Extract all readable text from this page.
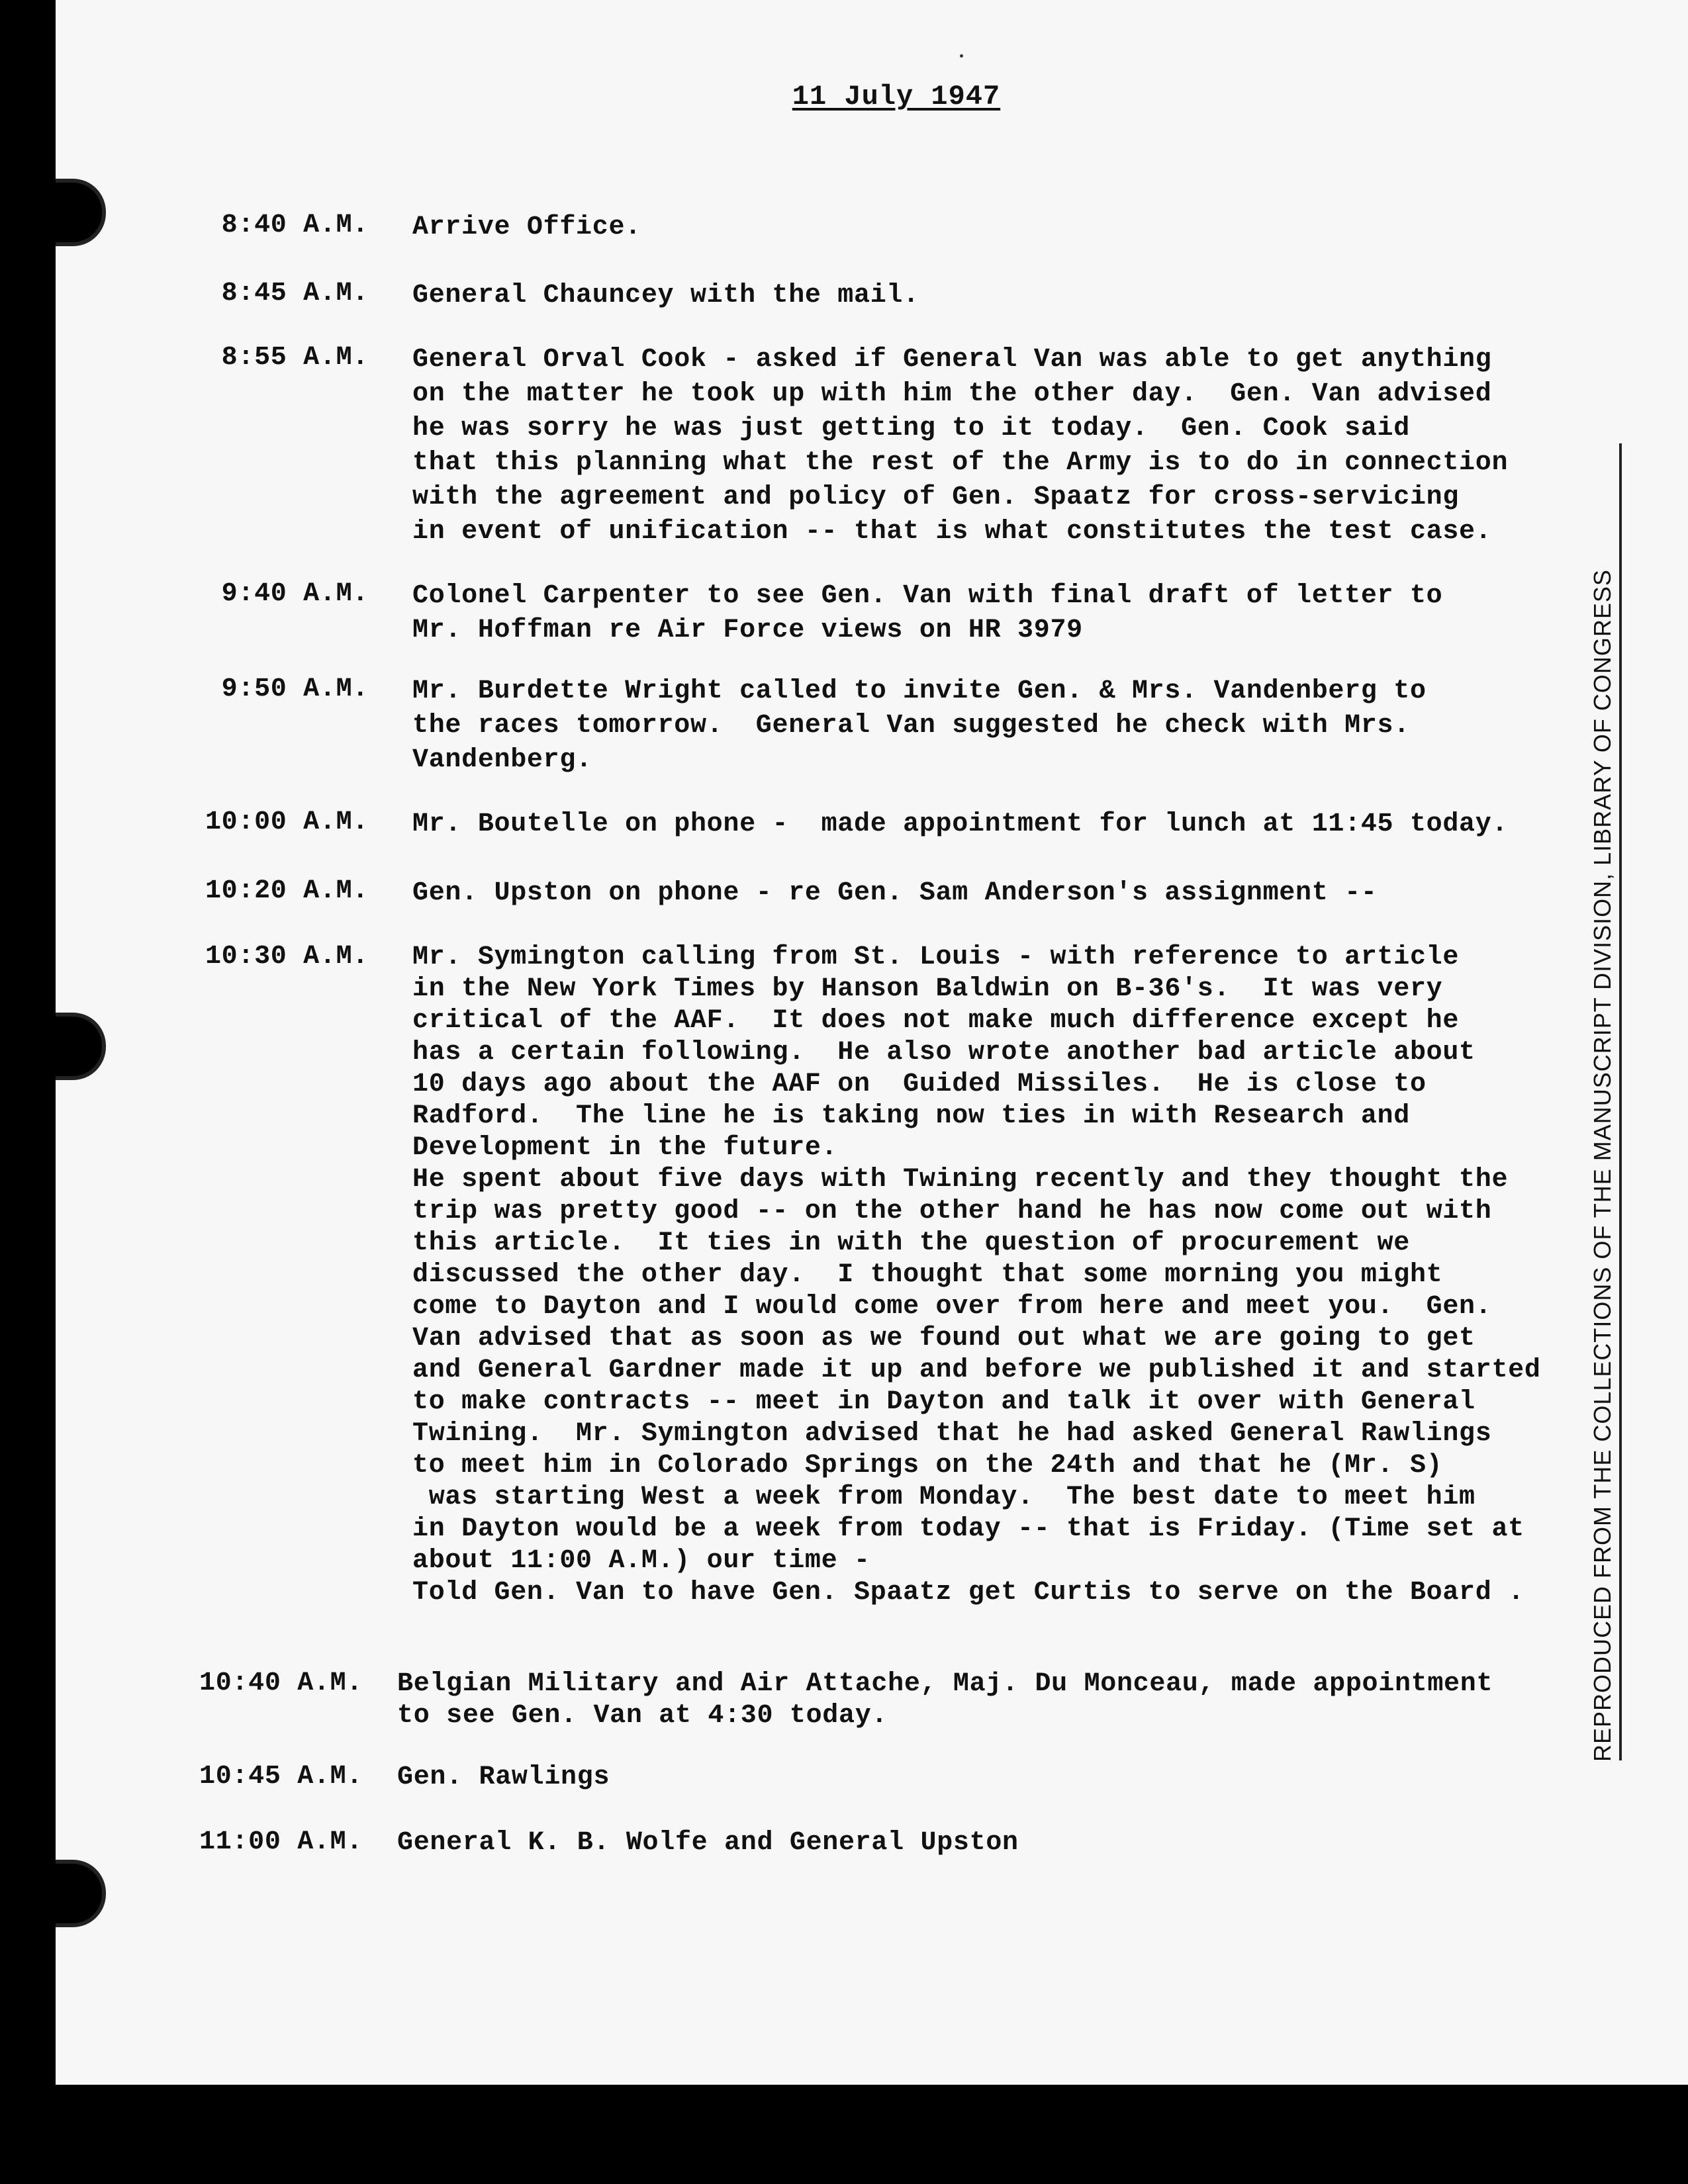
11 July 1947
8:40 A.M. Arrive Office.
8:45 A.M. General Chauncey with the mail.
8:55 A.M. General Orval Cook - asked if General Van was able to get anything
on the matter he took up with him the other day.  Gen. Van advised
he was sorry he was just getting to it today.  Gen. Cook said
that this planning what the rest of the Army is to do in connection
with the agreement and policy of Gen. Spaatz for cross-servicing
in event of unification -- that is what constitutes the test case.
9:40 A.M. Colonel Carpenter to see Gen. Van with final draft of letter to
Mr. Hoffman re Air Force views on HR 3979
9:50 A.M. Mr. Burdette Wright called to invite Gen. & Mrs. Vandenberg to
the races tomorrow.  General Van suggested he check with Mrs.
Vandenberg.
10:00 A.M. Mr. Boutelle on phone -  made appointment for lunch at 11:45 today.
10:20 A.M. Gen. Upston on phone - re Gen. Sam Anderson's assignment --
10:30 A.M. Mr. Symington calling from St. Louis - with reference to article
in the New York Times by Hanson Baldwin on B-36's.  It was very
critical of the AAF.  It does not make much difference except he
has a certain following.  He also wrote another bad article about
10 days ago about the AAF on  Guided Missiles.  He is close to
Radford.  The line he is taking now ties in with Research and
Development in the future.
He spent about five days with Twining recently and they thought the
trip was pretty good -- on the other hand he has now come out with
this article.  It ties in with the question of procurement we
discussed the other day.  I thought that some morning you might
come to Dayton and I would come over from here and meet you.  Gen.
Van advised that as soon as we found out what we are going to get
and General Gardner made it up and before we published it and started
to make contracts -- meet in Dayton and talk it over with General
Twining.  Mr. Symington advised that he had asked General Rawlings
to meet him in Colorado Springs on the 24th and that he (Mr. S)
was starting West a week from Monday.  The best date to meet him
in Dayton would be a week from today -- that is Friday. (Time set at
about 11:00 A.M.) our time -
Told Gen. Van to have Gen. Spaatz get Curtis to serve on the Board .
10:40 A.M. Belgian Military and Air Attache, Maj. Du Monceau, made appointment
to see Gen. Van at 4:30 today.
10:45 A.M. Gen. Rawlings
11:00 A.M. General K. B. Wolfe and General Upston
REPRODUCED FROM THE COLLECTIONS OF THE MANUSCRIPT DIVISION, LIBRARY OF CONGRESS
